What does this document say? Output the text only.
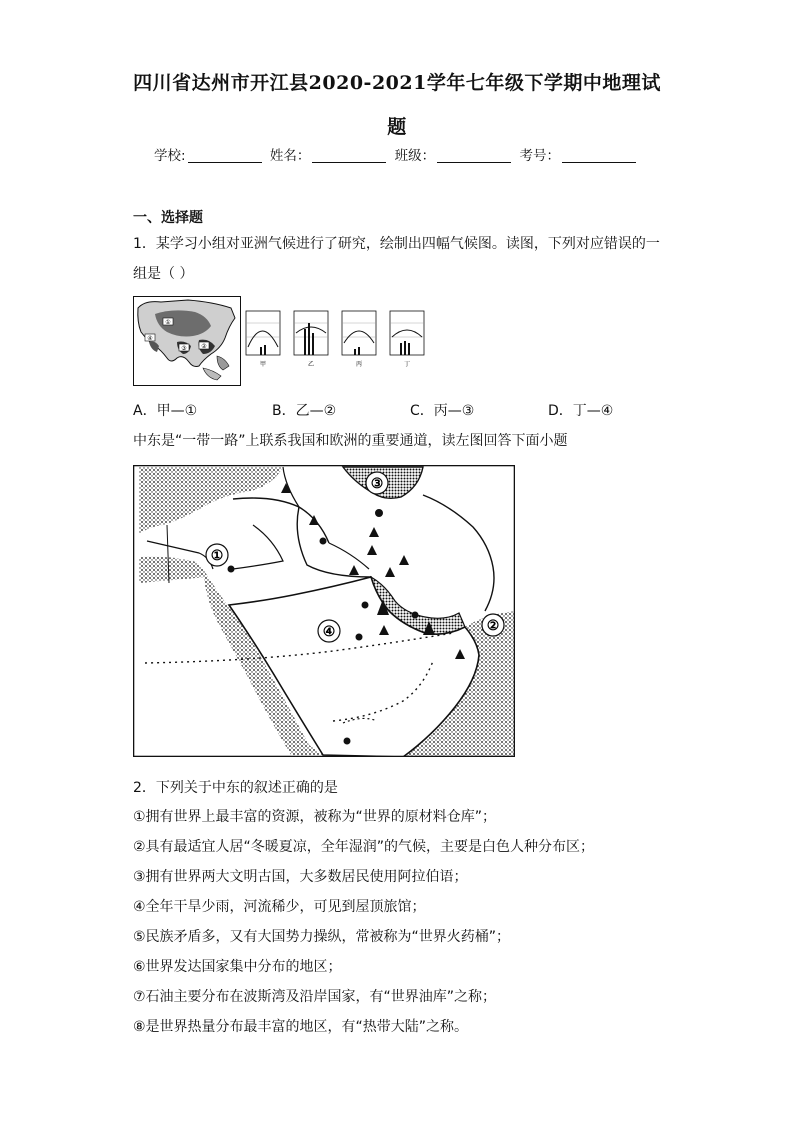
四川省达州市开江县2020-2021学年七年级下学期中地理试
题
学校:	姓名：	班级：	考号：
一、选择题
1．某学习小组对亚洲气候进行了研究，绘制出四幅气候图。读图，下列对应错误的一
组是（ ）
①
②
③
④
甲	乙	丙	丁
A．甲—①	B．乙—②	C．丙—③	D．丁—④
中东是“一带一路”上联系我国和欧洲的重要通道，读左图回答下面小题
①
②
③
④
2．下列关于中东的叙述正确的是
①拥有世界上最丰富的资源，被称为“世界的原材料仓库”；
②具有最适宜人居“冬暖夏凉，全年湿润”的气候，主要是白色人种分布区；
③拥有世界两大文明古国，大多数居民使用阿拉伯语；
④全年干旱少雨，河流稀少，可见到屋顶旅馆；
⑤民族矛盾多，又有大国势力操纵，常被称为“世界火药桶”；
⑥世界发达国家集中分布的地区；
⑦石油主要分布在波斯湾及沿岸国家，有“世界油库”之称；
⑧是世界热量分布最丰富的地区，有“热带大陆”之称。
